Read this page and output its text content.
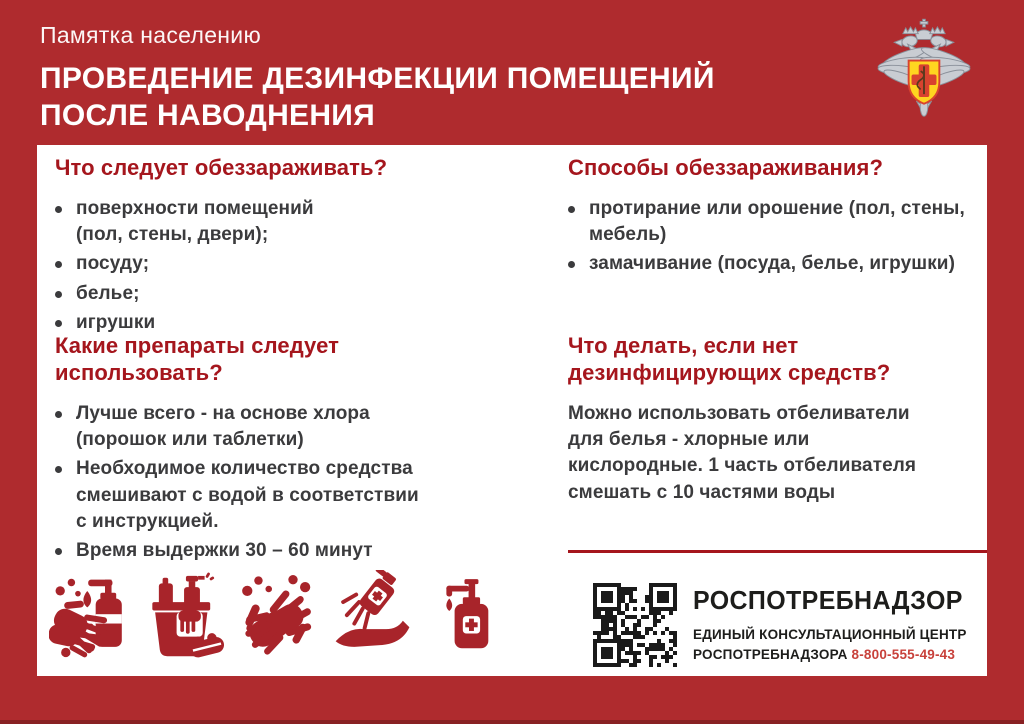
Памятка населению
ПРОВЕДЕНИЕ ДЕЗИНФЕКЦИИ ПОМЕЩЕНИЙ
ПОСЛЕ НАВОДНЕНИЯ
Что следует обеззараживать?
поверхности помещений (пол, стены, двери);
посуду;
белье;
игрушки
Способы обеззараживания?
протирание или орошение (пол, стены, мебель)
замачивание (посуда, белье, игрушки)
Какие препараты следует использовать?
Лучше всего - на основе хлора (порошок или таблетки)
Необходимое количество средства смешивают с водой в соответствии с инструкцией.
Время выдержки 30 – 60 минут
Что делать, если нет дезинфицирующих средств?
Можно использовать отбеливатели для белья - хлорные или кислородные. 1 часть отбеливателя смешать с 10 частями воды
РОСПОТРЕБНАДЗОР
ЕДИНЫЙ КОНСУЛЬТАЦИОННЫЙ ЦЕНТР
РОСПОТРЕБНАДЗОРА 8-800-555-49-43
